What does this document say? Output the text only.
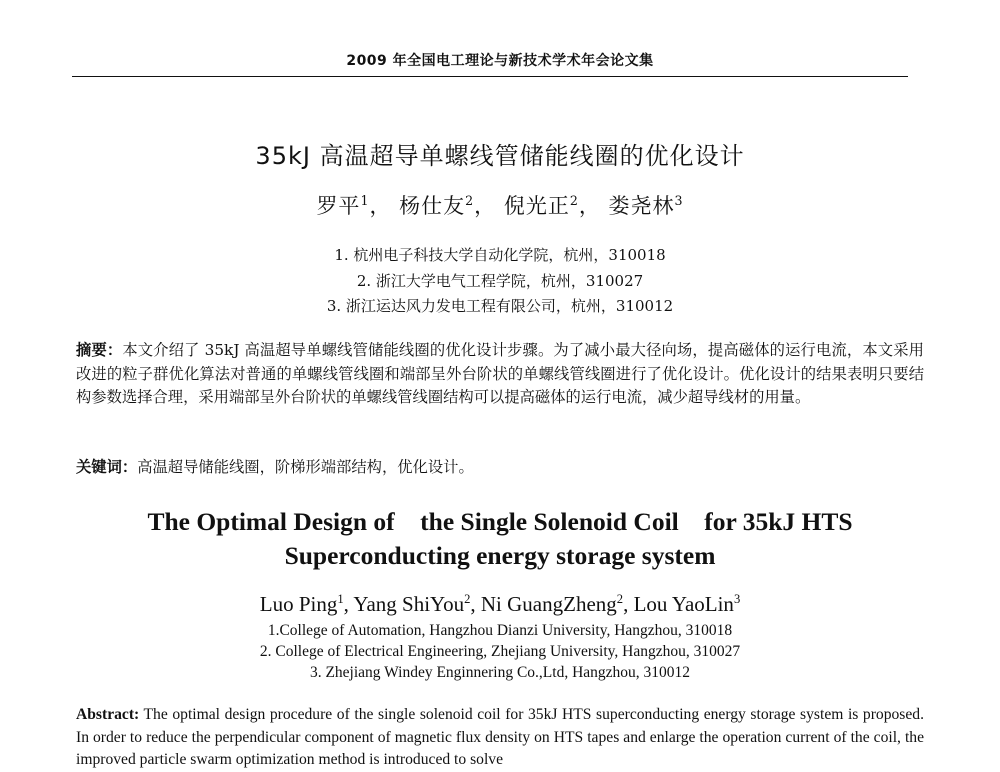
2009 年全国电工理论与新技术学术年会论文集
35kJ 高温超导单螺线管储能线圈的优化设计
罗平$^1$， 杨仕友$^2$， 倪光正$^2$， 娄尧林$^3$
1. 杭州电子科技大学自动化学院，杭州，310018
2. 浙江大学电气工程学院，杭州，310027
3. 浙江运达风力发电工程有限公司，杭州，310012

摘要：本文介绍了 35kJ 高温超导单螺线管储能线圈的优化设计步骤。为了减小最大径向场，提高磁体的运行电流，本文采用改进的粒子群优化算法对普通的单螺线管线圈和端部呈外台阶状的单螺线管线圈进行了优化设计。优化设计的结果表明只要结构参数选择合理，采用端部呈外台阶状的单螺线管线圈结构可以提高磁体的运行电流，减少超导线材的用量。

关键词：高温超导储能线圈，阶梯形端部结构，优化设计。

The Optimal Design of    the Single Solenoid Coil    for 35kJ HTS
Superconducting energy storage system
Luo Ping$^1$, Yang ShiYou$^2$, Ni GuangZheng$^2$, Lou YaoLin$^3$
1.College of Automation, Hangzhou Dianzi University, Hangzhou, 310018
2. College of Electrical Engineering, Zhejiang University, Hangzhou, 310027
3. Zhejiang Windey Enginnering Co.,Ltd, Hangzhou, 310012

Abstract: The optimal design procedure of the single solenoid coil for 35kJ HTS superconducting energy storage system is proposed. In order to reduce the perpendicular component of magnetic flux density on HTS tapes and enlarge the operation current of the coil, the improved particle swarm optimization method is introduced to solve
